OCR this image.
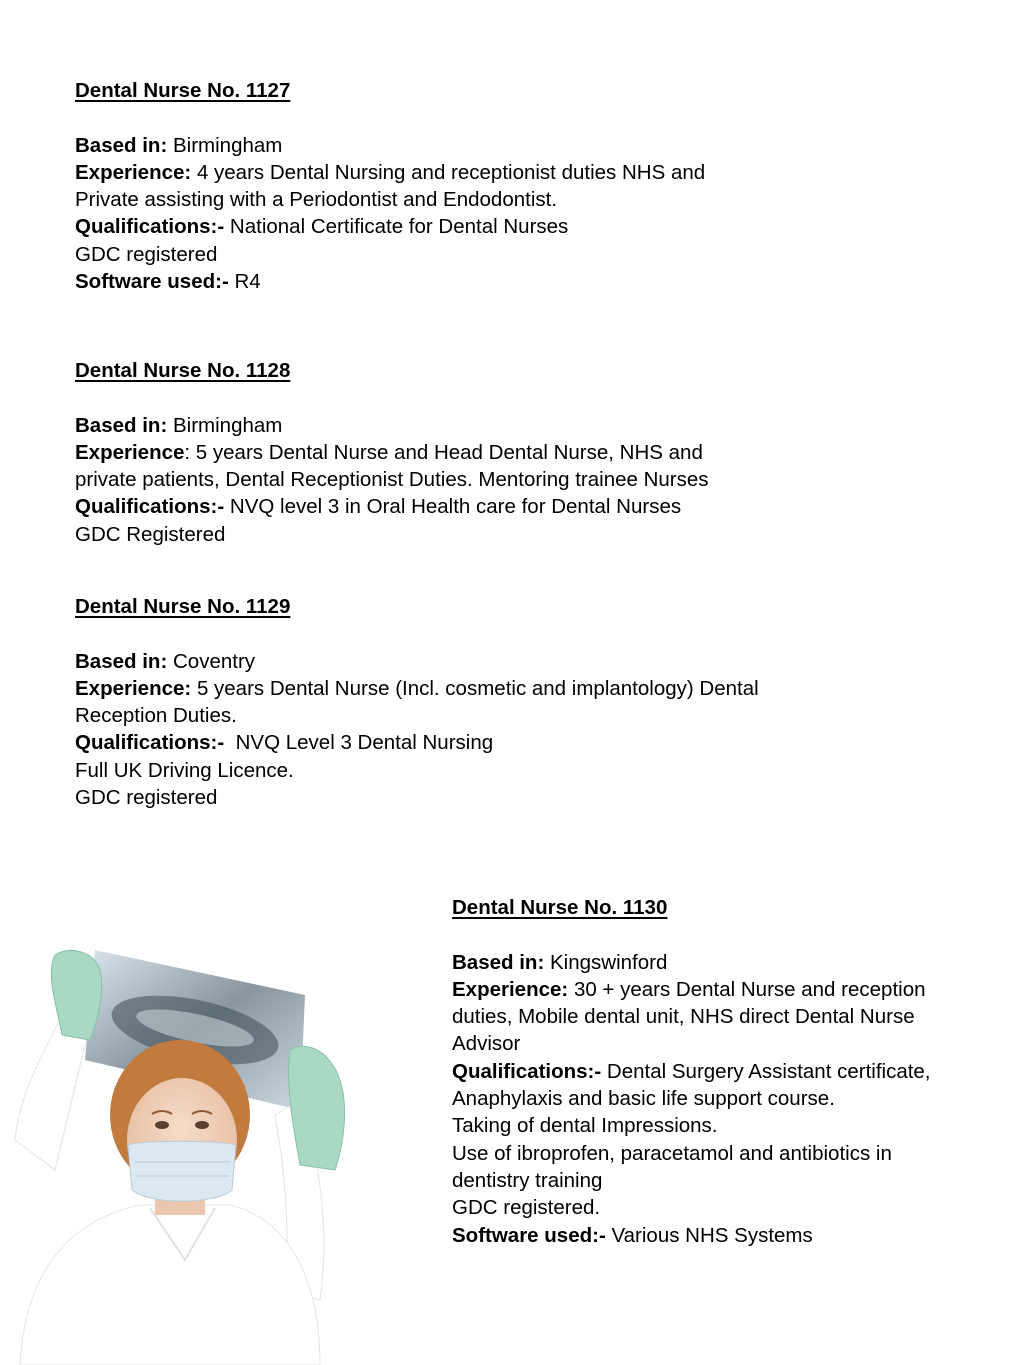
Dental Nurse No. 1127

Based in: Birmingham

Experience: 4 years Dental Nursing and receptionist duties NHS and

Private assisting with a Periodontist and Endodontist.

Qualifications:- National Certificate for Dental Nurses

GDC registered

Software used:- R4

Dental Nurse No. 1128

Based in: Birmingham

Experience: 5 years Dental Nurse and Head Dental Nurse, NHS and

private patients, Dental Receptionist Duties. Mentoring trainee Nurses

Qualifications:- NVQ level 3 in Oral Health care for Dental Nurses

GDC Registered

Dental Nurse No. 1129

Based in: Coventry

Experience: 5 years Dental Nurse (Incl. cosmetic and implantology) Dental

Reception Duties.

Qualifications:- NVQ Level 3 Dental Nursing

Full UK Driving Licence.

GDC registered

Dental Nurse No. 1130

Based in: Kingswinford

Experience: 30 + years Dental Nurse and reception

duties, Mobile dental unit, NHS direct Dental Nurse

Advisor

Qualifications:- Dental Surgery Assistant certificate,

Anaphylaxis and basic life support course.

Taking of dental Impressions.

Use of ibroprofen, paracetamol and antibiotics in

dentistry training

GDC registered.

Software used:- Various NHS Systems
